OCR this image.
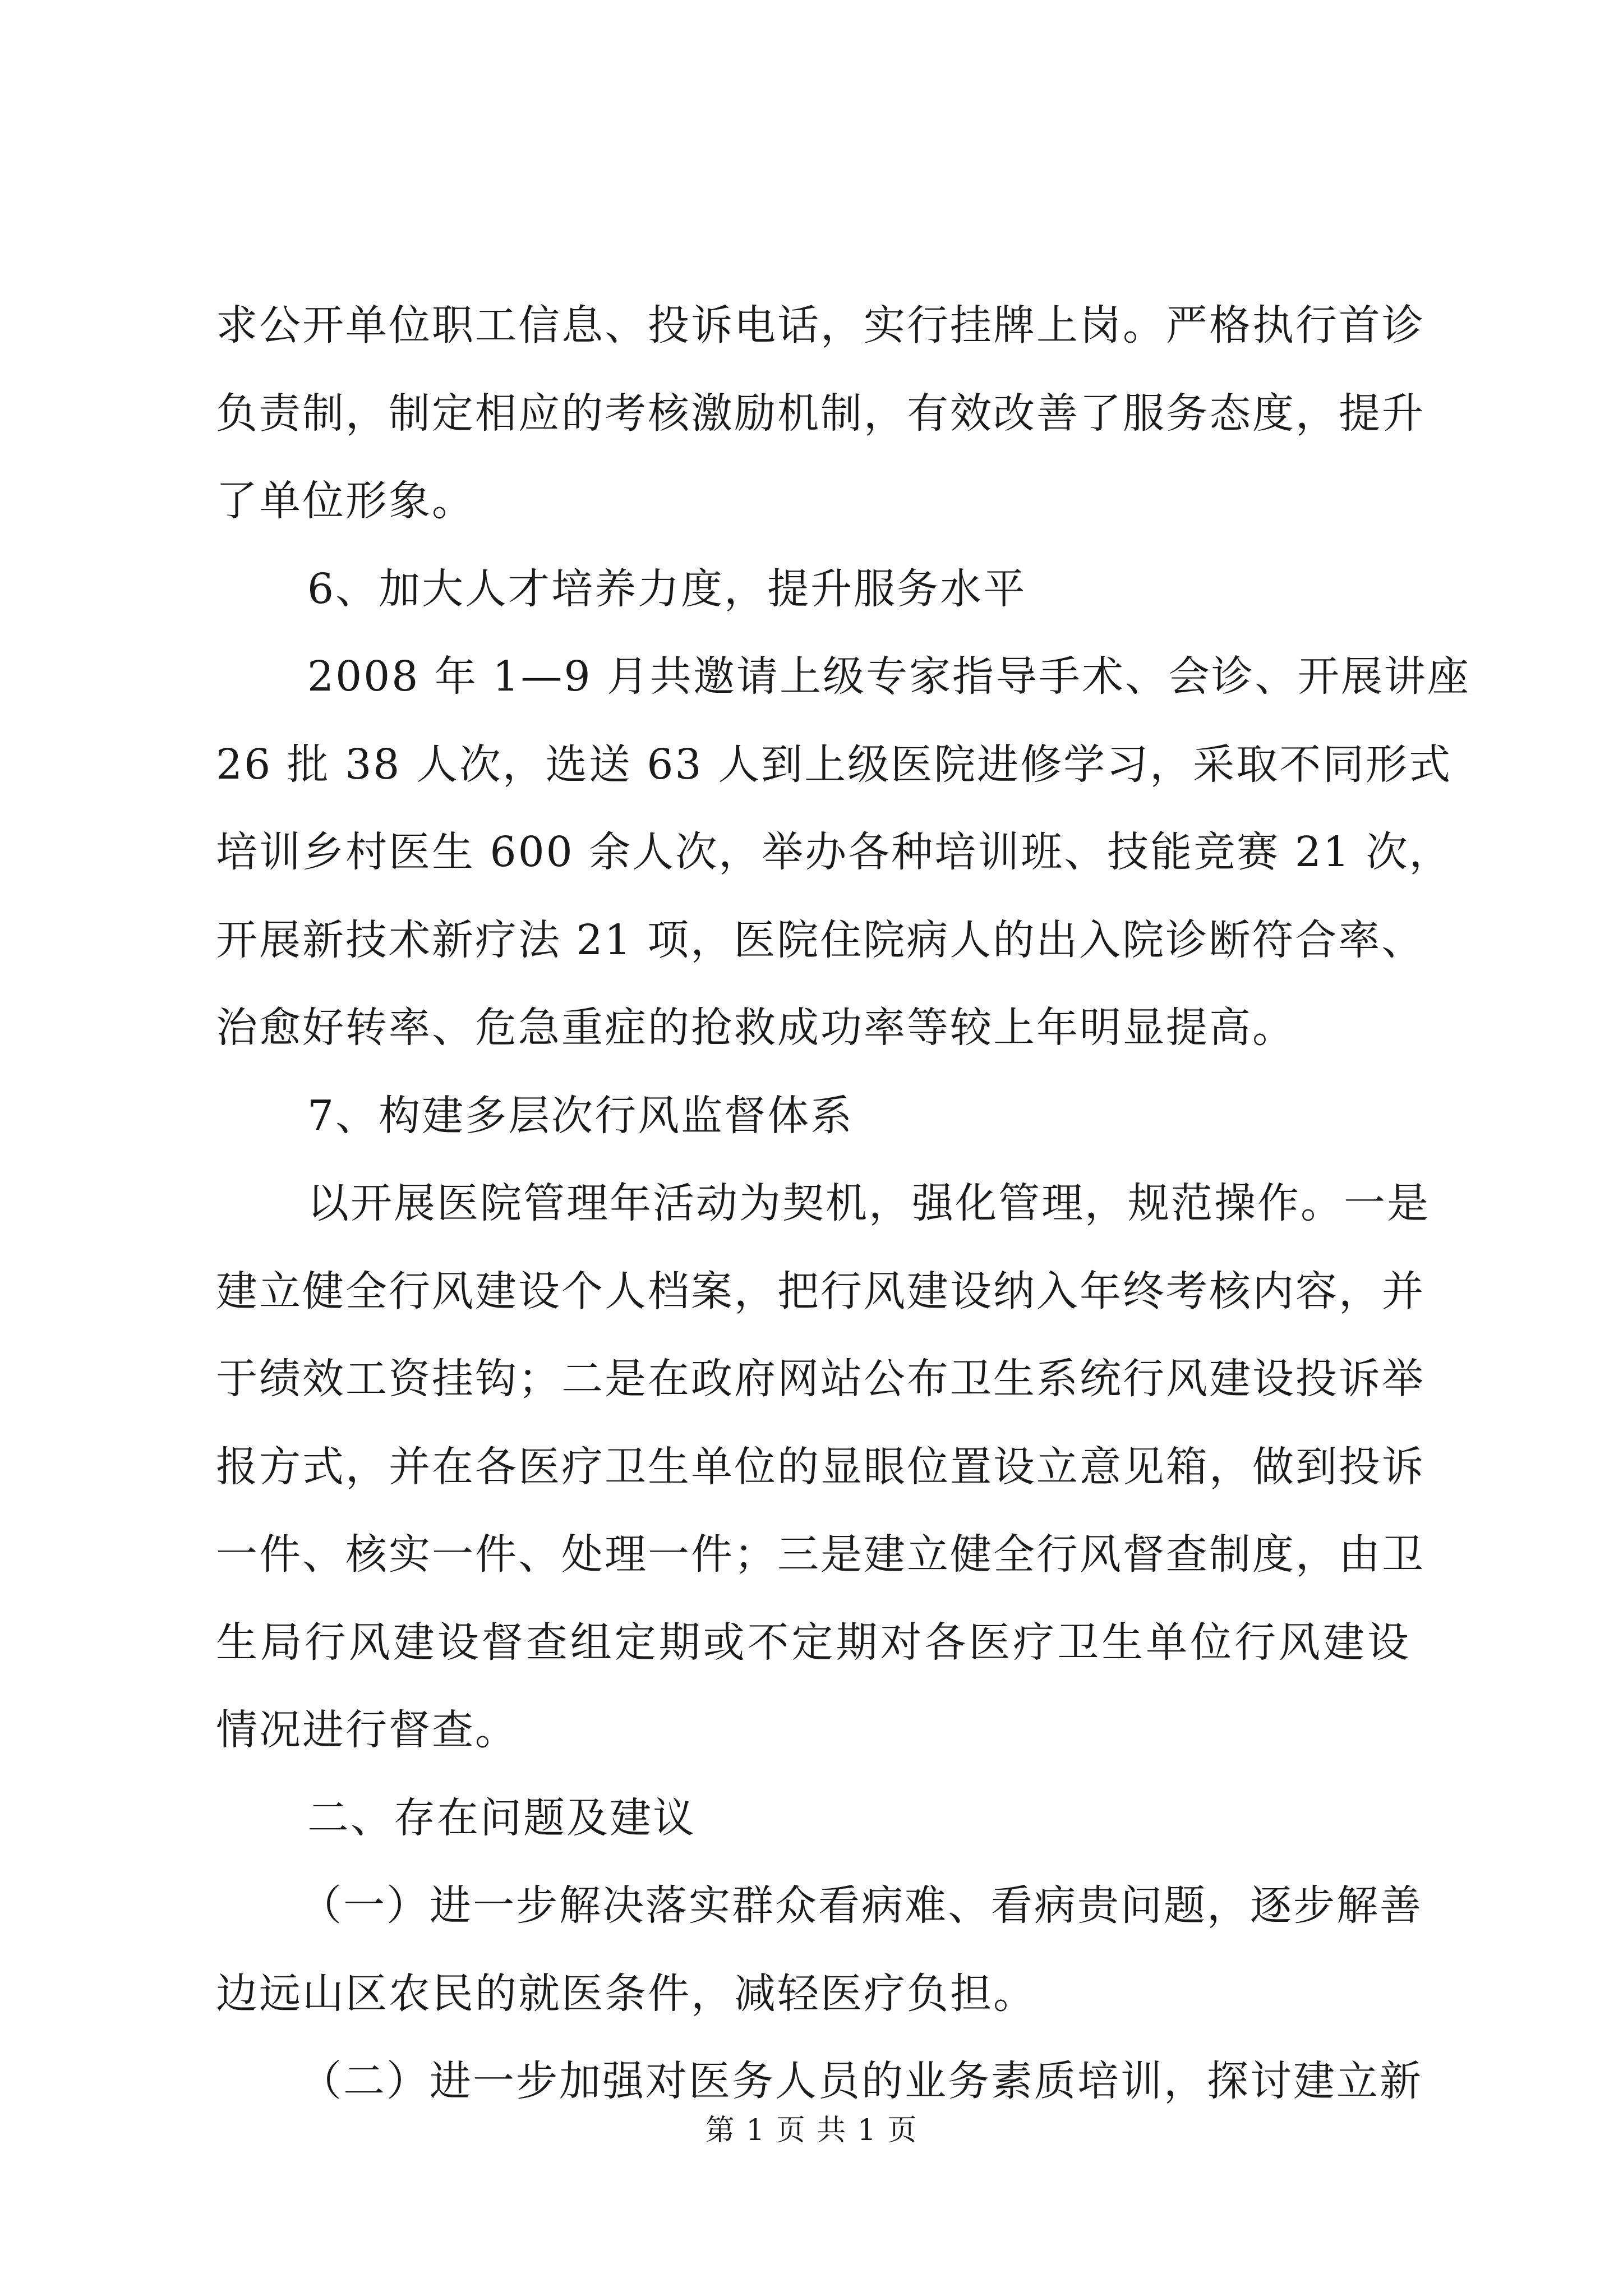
求公开单位职工信息、投诉电话，实行挂牌上岗。严格执行首诊
负责制，制定相应的考核激励机制，有效改善了服务态度，提升
了单位形象。
6、加大人才培养力度，提升服务水平
2008 年 1—9 月共邀请上级专家指导手术、会诊、开展讲座
26 批 38 人次，选送 63 人到上级医院进修学习，采取不同形式
培训乡村医生 600 余人次，举办各种培训班、技能竞赛 21 次，
开展新技术新疗法 21 项，医院住院病人的出入院诊断符合率、
治愈好转率、危急重症的抢救成功率等较上年明显提高。
7、构建多层次行风监督体系
以开展医院管理年活动为契机，强化管理，规范操作。一是
建立健全行风建设个人档案，把行风建设纳入年终考核内容，并
于绩效工资挂钩；二是在政府网站公布卫生系统行风建设投诉举
报方式，并在各医疗卫生单位的显眼位置设立意见箱，做到投诉
一件、核实一件、处理一件；三是建立健全行风督查制度，由卫
生局行风建设督查组定期或不定期对各医疗卫生单位行风建设
情况进行督查。
二、存在问题及建议
（一）进一步解决落实群众看病难、看病贵问题，逐步解善
边远山区农民的就医条件，减轻医疗负担。
（二）进一步加强对医务人员的业务素质培训，探讨建立新
第 1 页 共 1 页
